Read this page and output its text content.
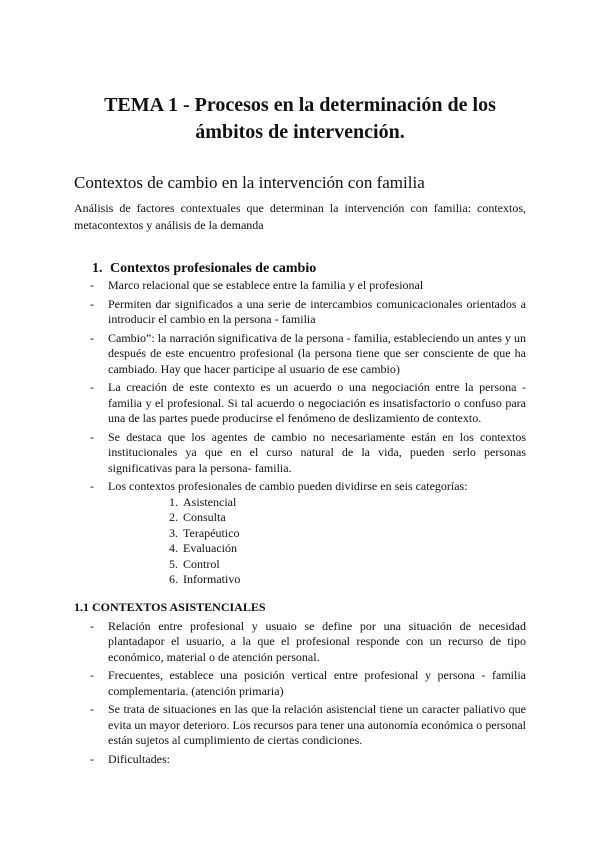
TEMA 1 - Procesos en la determinación de los
ámbitos de intervención.
Contextos de cambio en la intervención con familia

Análisis de factores contextuales que determinan la intervención con familia: contextos, metacontextos y análisis de la demanda

1. Contextos profesionales de cambio
- Marco relacional que se establece entre la familia y el profesional
- Permiten dar significados a una serie de intercambios comunicacionales orientados a introducir el cambio en la persona - familia
- Cambio”: la narración significativa de la persona - familia, estableciendo un antes y un después de este encuentro profesional (la persona tiene que ser consciente de que ha cambiado. Hay que hacer participe al usuario de ese cambio)
- La creación de este contexto es un acuerdo o una negociación entre la persona - familia y el profesional. Si tal acuerdo o negociación es insatisfactorio o confuso para una de las partes puede producirse el fenómeno de deslizamiento de contexto.
- Se destaca que los agentes de cambio no necesariamente están en los contextos institucionales ya que en el curso natural de la vida, pueden serlo personas significativas para la persona- familia.
- Los contextos profesionales de cambio pueden dividirse en seis categorías:
1. Asistencial
2. Consulta
3. Terapéutico
4. Evaluación
5. Control
6. Informativo
1.1 CONTEXTOS ASISTENCIALES
- Relación entre profesional y usuaio se define por una situación de necesidad plantadapor el usuario, a la que el profesional responde con un recurso de tipo económico, material o de atención personal.
- Frecuentes, establece una posición vertical entre profesional y persona - familia complementaria. (atención primaria)
- Se trata de situaciones en las que la relación asistencial tiene un caracter paliativo que evita un mayor deterioro. Los recursos para tener una autonomía económica o personal están sujetos al cumplimiento de ciertas condiciones.
- Dificultades:
